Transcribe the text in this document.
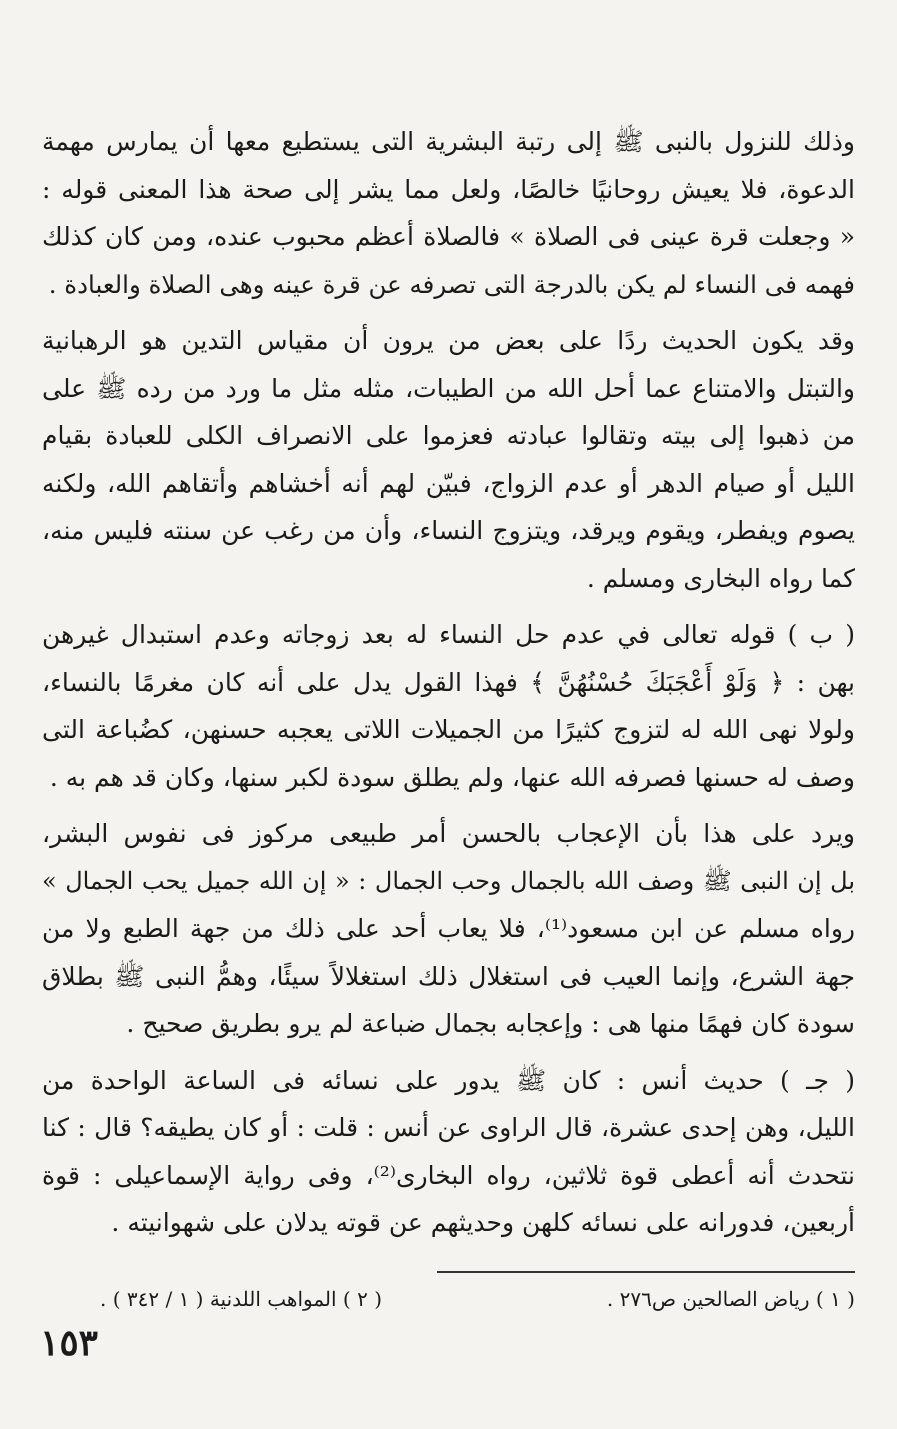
وذلك للنزول بالنبى ﷺ إلى رتبة البشرية التى يستطيع معها أن يمارس مهمة
الدعوة، فلا يعيش روحانيًا خالصًا، ولعل مما يشر إلى صحة هذا المعنى قوله :
« وجعلت قرة عينى فى الصلاة » فالصلاة أعظم محبوب عنده، ومن كان كذلك
فهمه فى النساء لم يكن بالدرجة التى تصرفه عن قرة عينه وهى الصلاة والعبادة .
وقد يكون الحديث ردًا على بعض من يرون أن مقياس التدين هو الرهبانية
والتبتل والامتناع عما أحل الله من الطيبات، مثله مثل ما ورد من رده ﷺ على
من ذهبوا إلى بيته وتقالوا عبادته فعزموا على الانصراف الكلى للعبادة بقيام
الليل أو صيام الدهر أو عدم الزواج، فبيّن لهم أنه أخشاهم وأتقاهم الله، ولكنه
يصوم ويفطر، ويقوم ويرقد، ويتزوج النساء، وأن من رغب عن سنته فليس منه،
كما رواه البخارى ومسلم .
( ب ) قوله تعالى في عدم حل النساء له بعد زوجاته وعدم استبدال غيرهن
بهن : ﴿ وَلَوْ أَعْجَبَكَ حُسْنُهُنَّ ﴾ فهذا القول يدل على أنه كان مغرمًا بالنساء،
ولولا نهى الله له لتزوج كثيرًا من الجميلات اللاتى يعجبه حسنهن، كضُباعة التى
وصف له حسنها فصرفه الله عنها، ولم يطلق سودة لكبر سنها، وكان قد هم به .
ويرد على هذا بأن الإعجاب بالحسن أمر طبيعى مركوز فى نفوس البشر،
بل إن النبى ﷺ وصف الله بالجمال وحب الجمال : « إن الله جميل يحب الجمال »
رواه مسلم عن ابن مسعود⁽¹⁾، فلا يعاب أحد على ذلك من جهة الطبع ولا من
جهة الشرع، وإنما العيب فى استغلال ذلك استغلالاً سيئًا، وهمُّ النبى ﷺ بطلاق
سودة كان فهمًا منها هى : وإعجابه بجمال ضباعة لم يرو بطريق صحيح .
( جـ ) حديث أنس : كان ﷺ يدور على نسائه فى الساعة الواحدة من
الليل، وهن إحدى عشرة، قال الراوى عن أنس : قلت : أو كان يطيقه؟ قال : كنا
نتحدث أنه أعطى قوة ثلاثين، رواه البخارى⁽²⁾، وفى رواية الإسماعيلى : قوة
أربعين، فدورانه على نسائه كلهن وحديثهم عن قوته يدلان على شهوانيته .
( ١ ) رياض الصالحين ص٢٧٦ .
( ٢ ) المواهب اللدنية ( ١ / ٣٤٢ ) .
١٥٣
